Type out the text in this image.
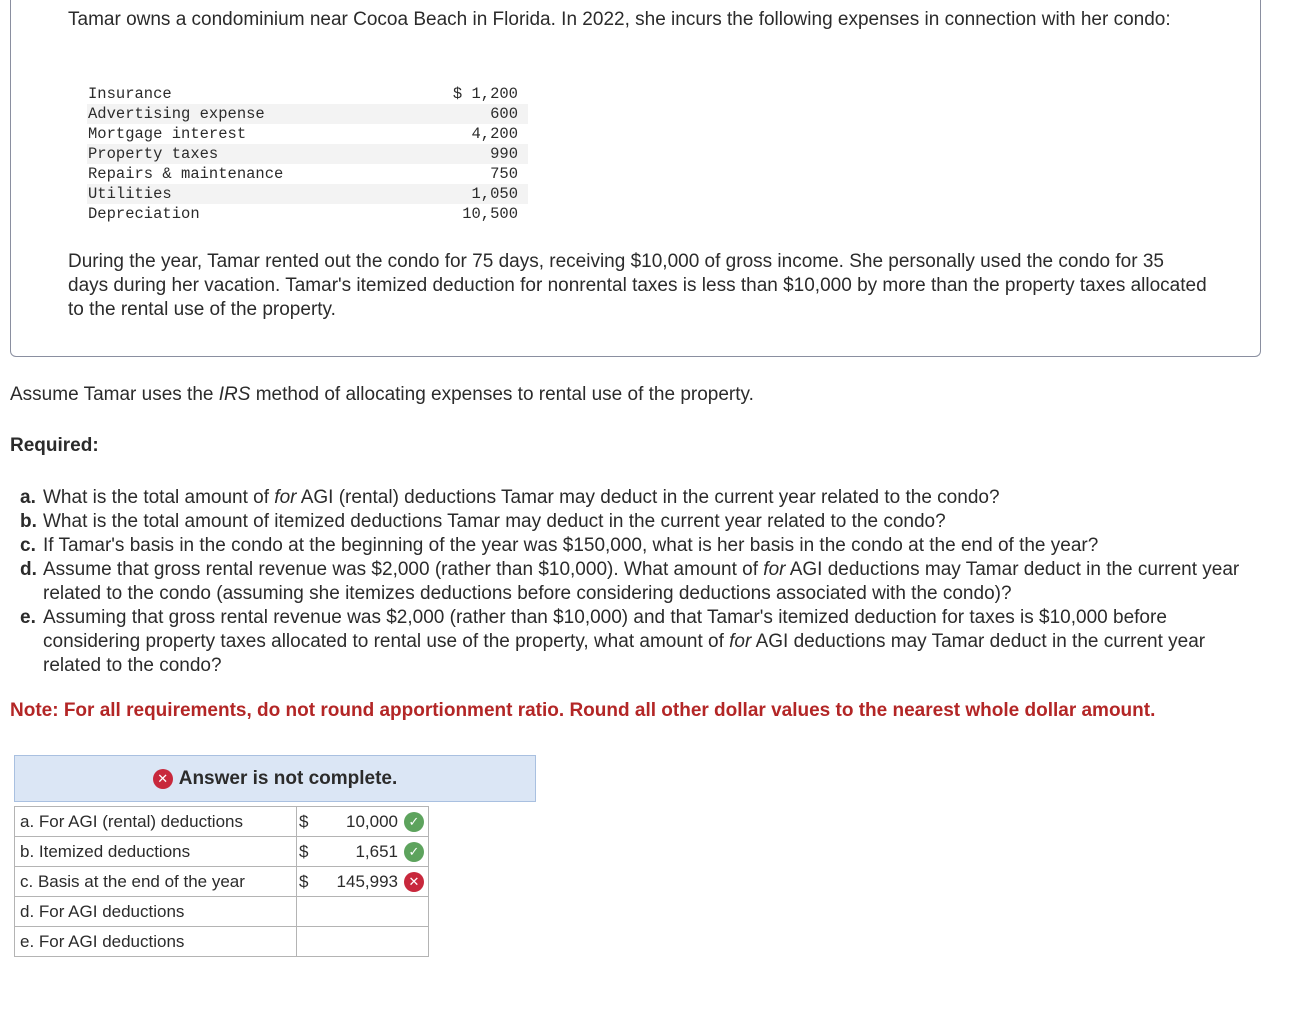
Tamar owns a condominium near Cocoa Beach in Florida. In 2022, she incurs the following expenses in connection with her condo:

Insurance	$ 1,200
Advertising expense	600
Mortgage interest	4,200
Property taxes	990
Repairs & maintenance	750
Utilities	1,050
Depreciation	10,500

During the year, Tamar rented out the condo for 75 days, receiving $10,000 of gross income. She personally used the condo for 35 days during her vacation. Tamar's itemized deduction for nonrental taxes is less than $10,000 by more than the property taxes allocated to the rental use of the property.

Assume Tamar uses the IRS method of allocating expenses to rental use of the property.

Required:

a. What is the total amount of for AGI (rental) deductions Tamar may deduct in the current year related to the condo?
b. What is the total amount of itemized deductions Tamar may deduct in the current year related to the condo?
c. If Tamar's basis in the condo at the beginning of the year was $150,000, what is her basis in the condo at the end of the year?
d. Assume that gross rental revenue was $2,000 (rather than $10,000). What amount of for AGI deductions may Tamar deduct in the current year related to the condo (assuming she itemizes deductions before considering deductions associated with the condo)?
e. Assuming that gross rental revenue was $2,000 (rather than $10,000) and that Tamar's itemized deduction for taxes is $10,000 before considering property taxes allocated to rental use of the property, what amount of for AGI deductions may Tamar deduct in the current year related to the condo?

Note: For all requirements, do not round apportionment ratio. Round all other dollar values to the nearest whole dollar amount.

✕ Answer is not complete.
a. For AGI (rental) deductions	$ 10,000 ✓

b. Itemized deductions	$ 1,651 ✓

c. Basis at the end of the year	$ 145,993 ✕

d. For AGI deductions	
e. For AGI deductions	
